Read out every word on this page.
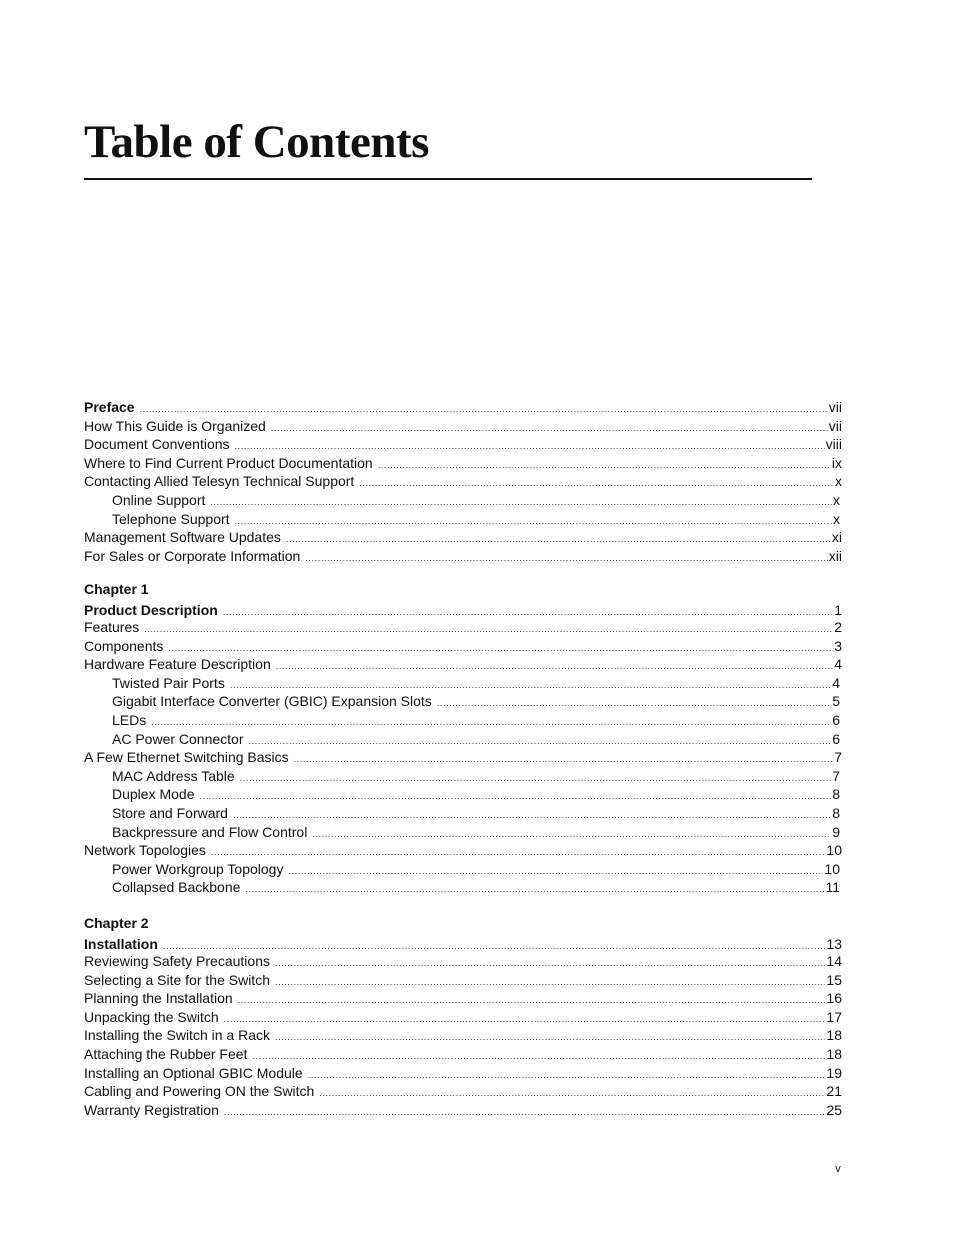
Table of Contents
Preface .....	vii
How This Guide is Organized .....	vii
Document Conventions .....	viii
Where to Find Current Product Documentation .....	ix
Contacting Allied Telesyn Technical Support .....	x
Online Support .....	x
Telephone Support .....	x
Management Software Updates .....	xi
For Sales or Corporate Information .....	xii
Chapter 1
Product Description .....	1
Features .....	2
Components .....	3
Hardware Feature Description .....	4
Twisted Pair Ports .....	4
Gigabit Interface Converter (GBIC) Expansion Slots .....	5
LEDs .....	6
AC Power Connector .....	6
A Few Ethernet Switching Basics .....	7
MAC Address Table .....	7
Duplex Mode .....	8
Store and Forward .....	8
Backpressure and Flow Control .....	9
Network Topologies .....	10
Power Workgroup Topology .....	10
Collapsed Backbone .....	11
Chapter 2
Installation .....	13
Reviewing Safety Precautions .....	14
Selecting a Site for the Switch .....	15
Planning the Installation .....	16
Unpacking the Switch .....	17
Installing the Switch in a Rack .....	18
Attaching the Rubber Feet .....	18
Installing an Optional GBIC Module .....	19
Cabling and Powering ON the Switch .....	21
Warranty Registration .....	25
v
